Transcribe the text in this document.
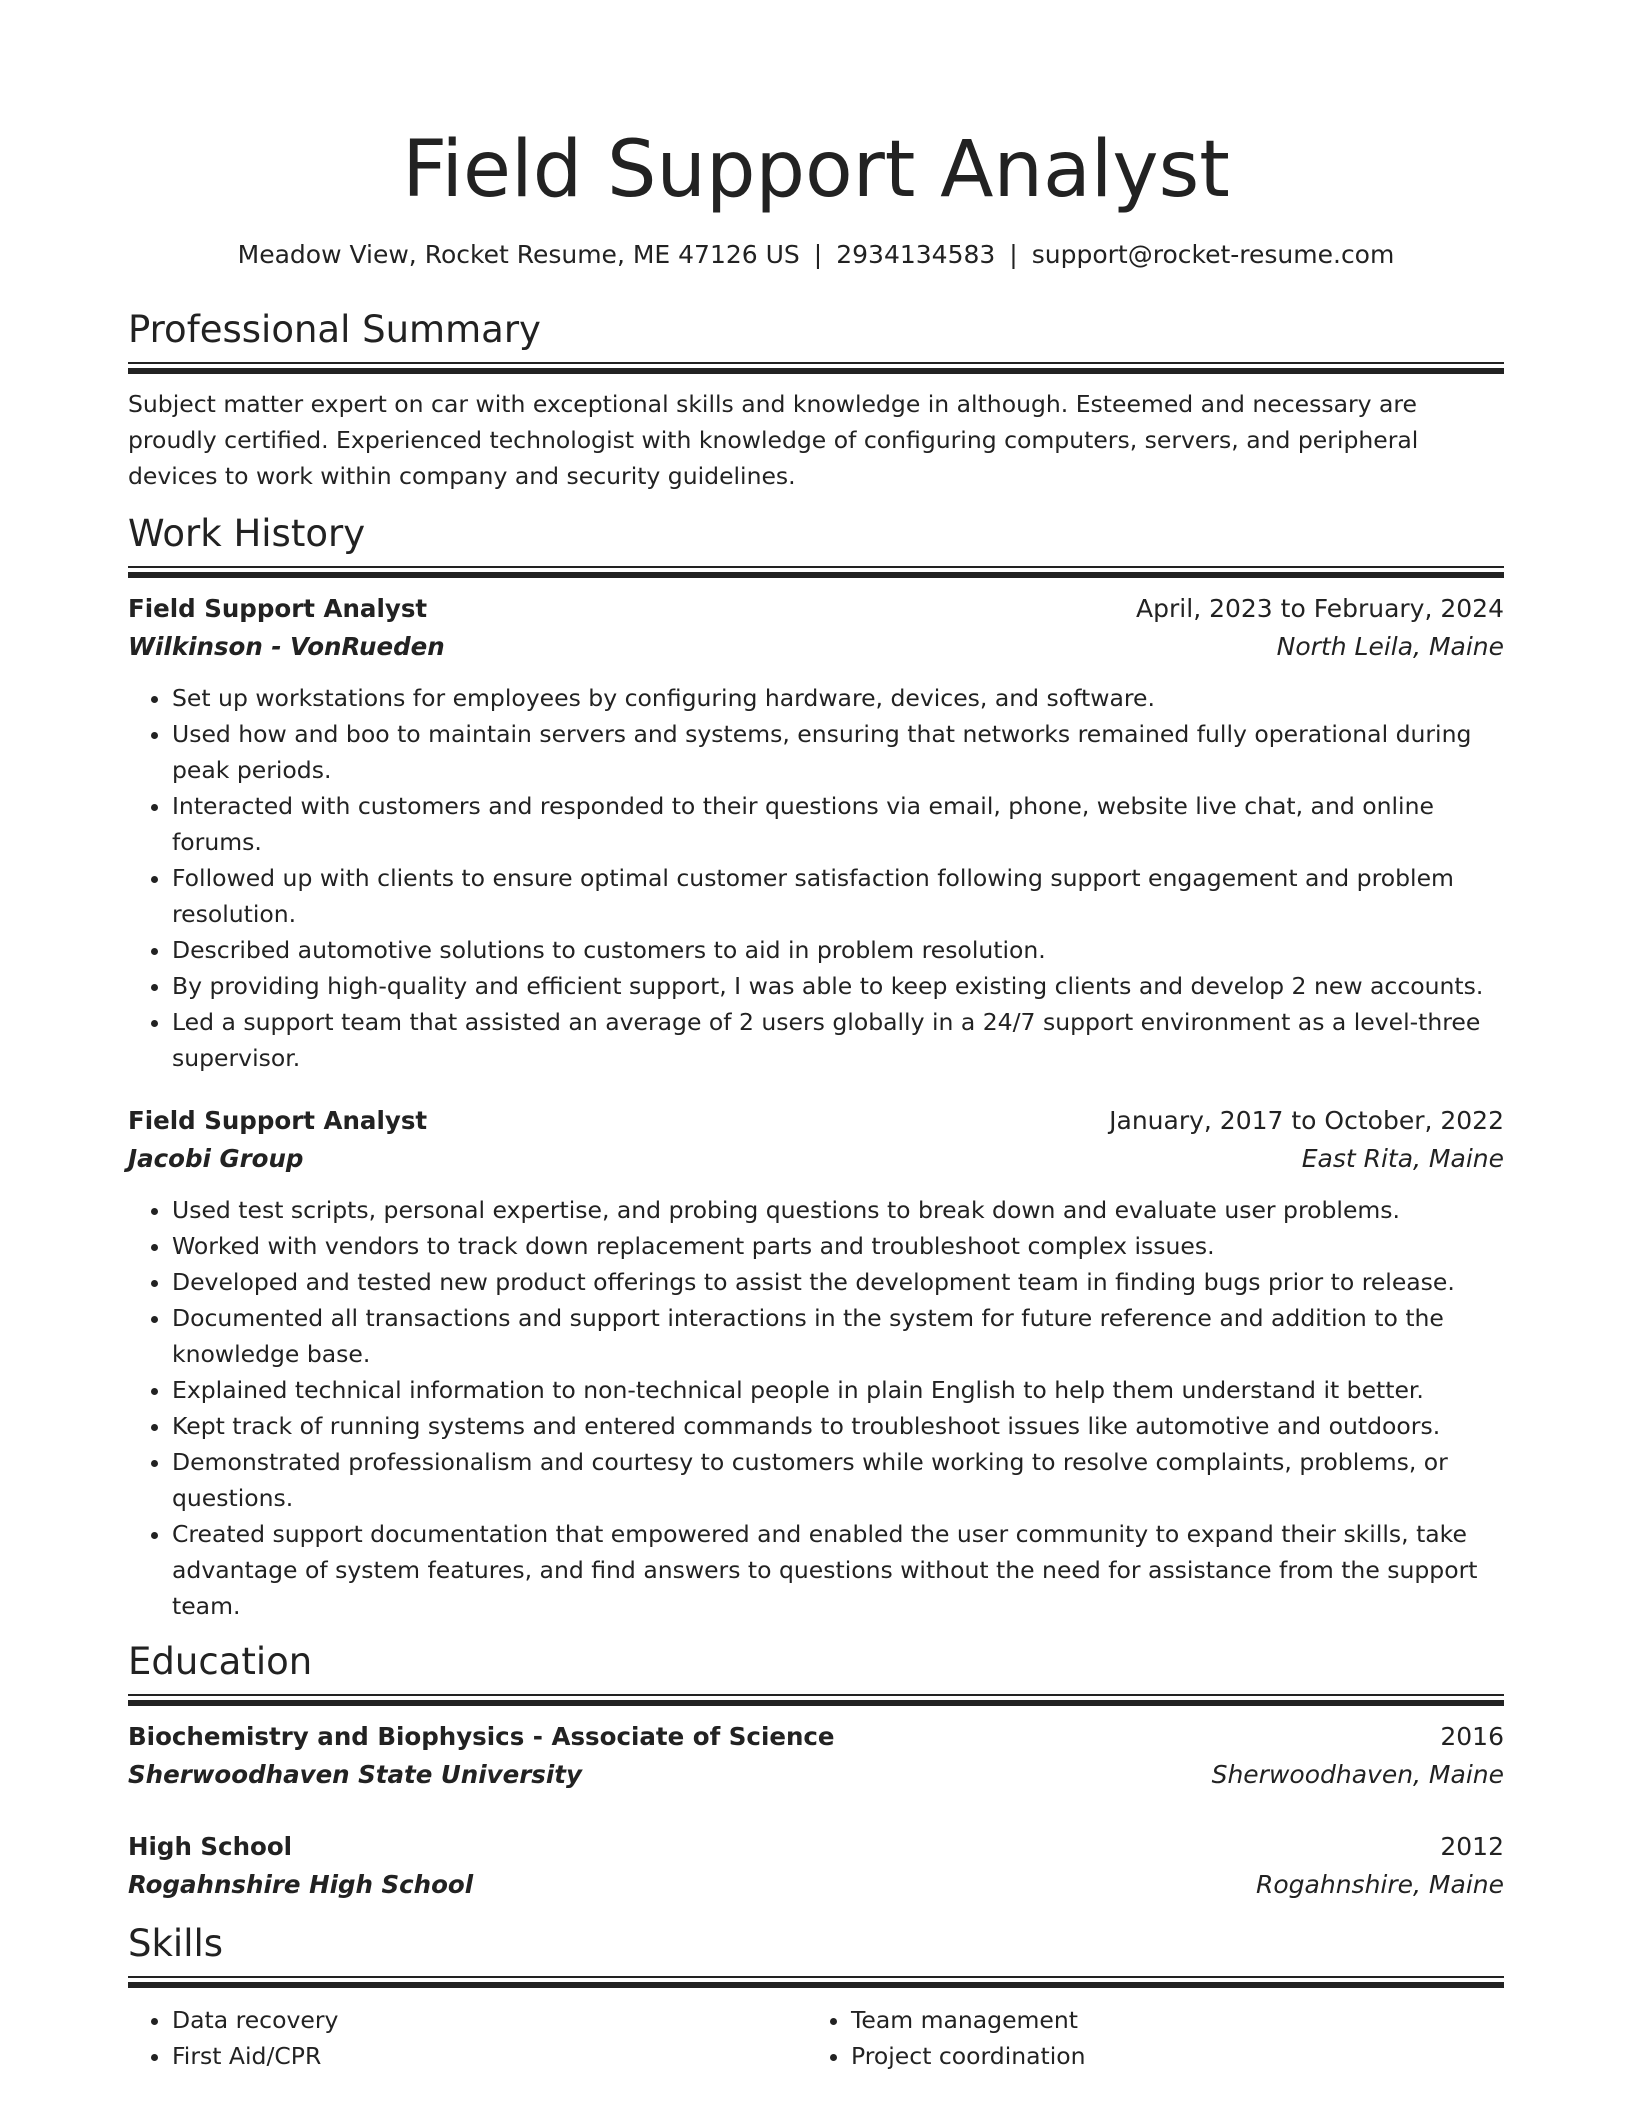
Field Support Analyst
Meadow View, Rocket Resume, ME 47126 US | 2934134583 | support@rocket-resume.com
Professional Summary
Subject matter expert on car with exceptional skills and knowledge in although. Esteemed and necessary are proudly certified. Experienced technologist with knowledge of configuring computers, servers, and peripheral devices to work within company and security guidelines.
Work History
Field Support Analyst	April, 2023 to February, 2024
Wilkinson - VonRueden	North Leila, Maine
• Set up workstations for employees by configuring hardware, devices, and software.
• Used how and boo to maintain servers and systems, ensuring that networks remained fully operational during peak periods.
• Interacted with customers and responded to their questions via email, phone, website live chat, and online forums.
• Followed up with clients to ensure optimal customer satisfaction following support engagement and problem resolution.
• Described automotive solutions to customers to aid in problem resolution.
• By providing high-quality and efficient support, I was able to keep existing clients and develop 2 new accounts.
• Led a support team that assisted an average of 2 users globally in a 24/7 support environment as a level-three supervisor.
Field Support Analyst	January, 2017 to October, 2022
Jacobi Group	East Rita, Maine
• Used test scripts, personal expertise, and probing questions to break down and evaluate user problems.
• Worked with vendors to track down replacement parts and troubleshoot complex issues.
• Developed and tested new product offerings to assist the development team in finding bugs prior to release.
• Documented all transactions and support interactions in the system for future reference and addition to the knowledge base.
• Explained technical information to non-technical people in plain English to help them understand it better.
• Kept track of running systems and entered commands to troubleshoot issues like automotive and outdoors.
• Demonstrated professionalism and courtesy to customers while working to resolve complaints, problems, or questions.
• Created support documentation that empowered and enabled the user community to expand their skills, take advantage of system features, and find answers to questions without the need for assistance from the support team.
Education
Biochemistry and Biophysics - Associate of Science	2016
Sherwoodhaven State University	Sherwoodhaven, Maine
High School	2012
Rogahnshire High School	Rogahnshire, Maine
Skills
• Data recovery
• First Aid/CPR
• Team management
• Project coordination
